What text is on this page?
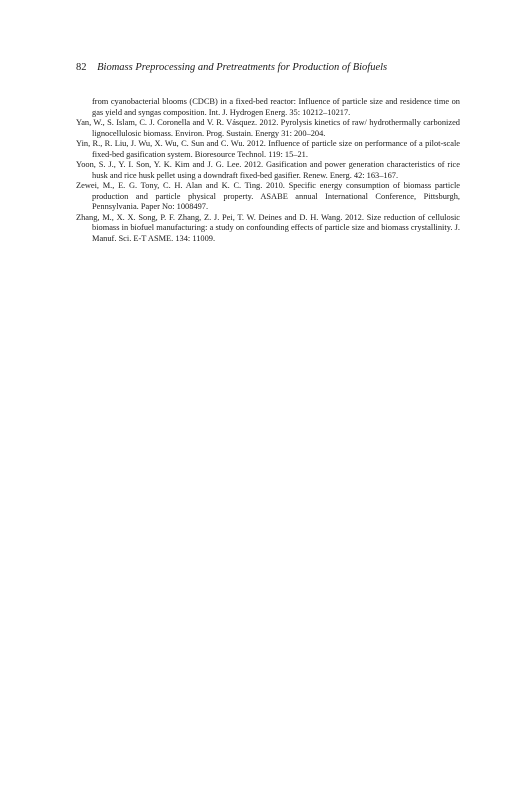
82 Biomass Preprocessing and Pretreatments for Production of Biofuels

from cyanobacterial blooms (CDCB) in a fixed-bed reactor: Influence of particle size and residence time on gas yield and syngas composition. Int. J. Hydrogen Energ. 35: 10212–10217.

Yan, W., S. Islam, C. J. Coronella and V. R. Vásquez. 2012. Pyrolysis kinetics of raw/ hydrothermally carbonized lignocellulosic biomass. Environ. Prog. Sustain. Energy 31: 200–204.

Yin, R., R. Liu, J. Wu, X. Wu, C. Sun and C. Wu. 2012. Influence of particle size on performance of a pilot-scale fixed-bed gasification system. Bioresource Technol. 119: 15–21.

Yoon, S. J., Y. I. Son, Y. K. Kim and J. G. Lee. 2012. Gasification and power generation characteristics of rice husk and rice husk pellet using a downdraft fixed-bed gasifier. Renew. Energ. 42: 163–167.

Zewei, M., E. G. Tony, C. H. Alan and K. C. Ting. 2010. Specific energy consumption of biomass particle production and particle physical property. ASABE annual International Conference, Pittsburgh, Pennsylvania. Paper No: 1008497.

Zhang, M., X. X. Song, P. F. Zhang, Z. J. Pei, T. W. Deines and D. H. Wang. 2012. Size reduction of cellulosic biomass in biofuel manufacturing: a study on confounding effects of particle size and biomass crystallinity. J. Manuf. Sci. E-T ASME. 134: 11009.
